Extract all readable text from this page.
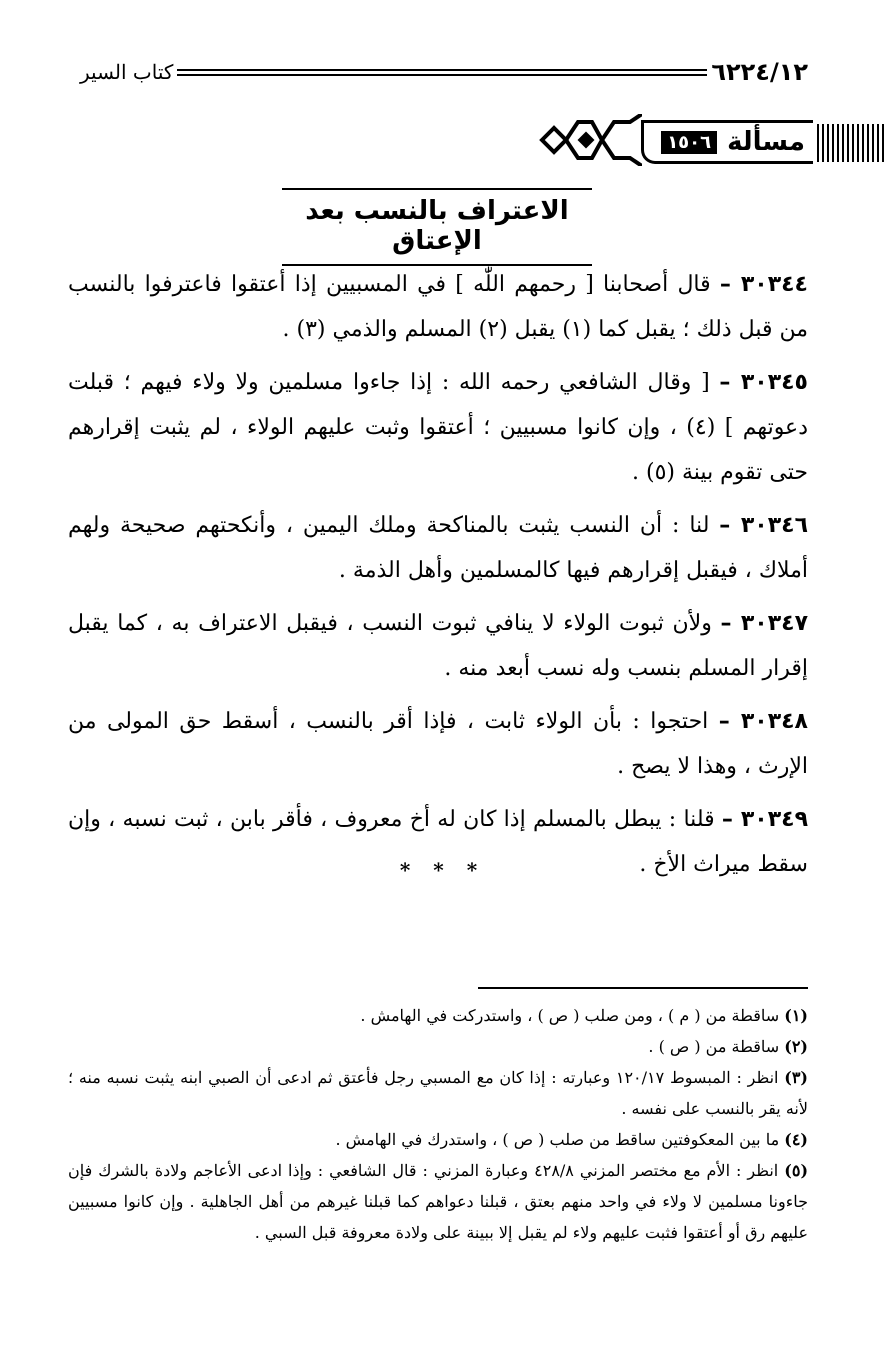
٦٢٢٤/١٢
كتاب السير
مسألة
١٥٠٦
الاعتراف بالنسب بعد الإعتاق

٣٠٣٤٤ – قال أصحابنا [ رحمهم اللّٰه ] في المسبيين إذا أعتقوا فاعترفوا بالنسب من قبل ذلك ؛ يقبل كما (١) يقبل (٢) المسلم والذمي (٣) .

٣٠٣٤٥ – [ وقال الشافعي رحمه الله : إذا جاءوا مسلمين ولا ولاء فيهم ؛ قبلت دعوتهم ] (٤) ، وإن كانوا مسبيين ؛ أعتقوا وثبت عليهم الولاء ، لم يثبت إقرارهم حتى تقوم بينة (٥) .

٣٠٣٤٦ – لنا : أن النسب يثبت بالمناكحة وملك اليمين ، وأنكحتهم صحيحة ولهم أملاك ، فيقبل إقرارهم فيها كالمسلمين وأهل الذمة .

٣٠٣٤٧ – ولأن ثبوت الولاء لا ينافي ثبوت النسب ، فيقبل الاعتراف به ، كما يقبل إقرار المسلم بنسب وله نسب أبعد منه .

٣٠٣٤٨ – احتجوا : بأن الولاء ثابت ، فإذا أقر بالنسب ، أسقط حق المولى من الإرث ، وهذا لا يصح .

٣٠٣٤٩ – قلنا : يبطل بالمسلم إذا كان له أخ معروف ، فأقر بابن ، ثبت نسبه ، وإن سقط ميراث الأخ .

* * *

(١) ساقطة من ( م ) ، ومن صلب ( ص ) ، واستدركت في الهامش .

(٢) ساقطة من ( ص ) .

(٣) انظر : المبسوط ١٢٠/١٧ وعبارته : إذا كان مع المسبي رجل فأعتق ثم ادعى أن الصبي ابنه يثبت نسبه منه ؛ لأنه يقر بالنسب على نفسه .

(٤) ما بين المعكوفتين ساقط من صلب ( ص ) ، واستدرك في الهامش .

(٥) انظر : الأم مع مختصر المزني ٤٢٨/٨ وعبارة المزني : قال الشافعي : وإذا ادعى الأعاجم ولادة بالشرك فإن جاءونا مسلمين لا ولاء في واحد منهم بعتق ، قبلنا دعواهم كما قبلنا غيرهم من أهل الجاهلية . وإن كانوا مسبيين عليهم رق أو أعتقوا فثبت عليهم ولاء لم يقبل إلا ببينة على ولادة معروفة قبل السبي .
